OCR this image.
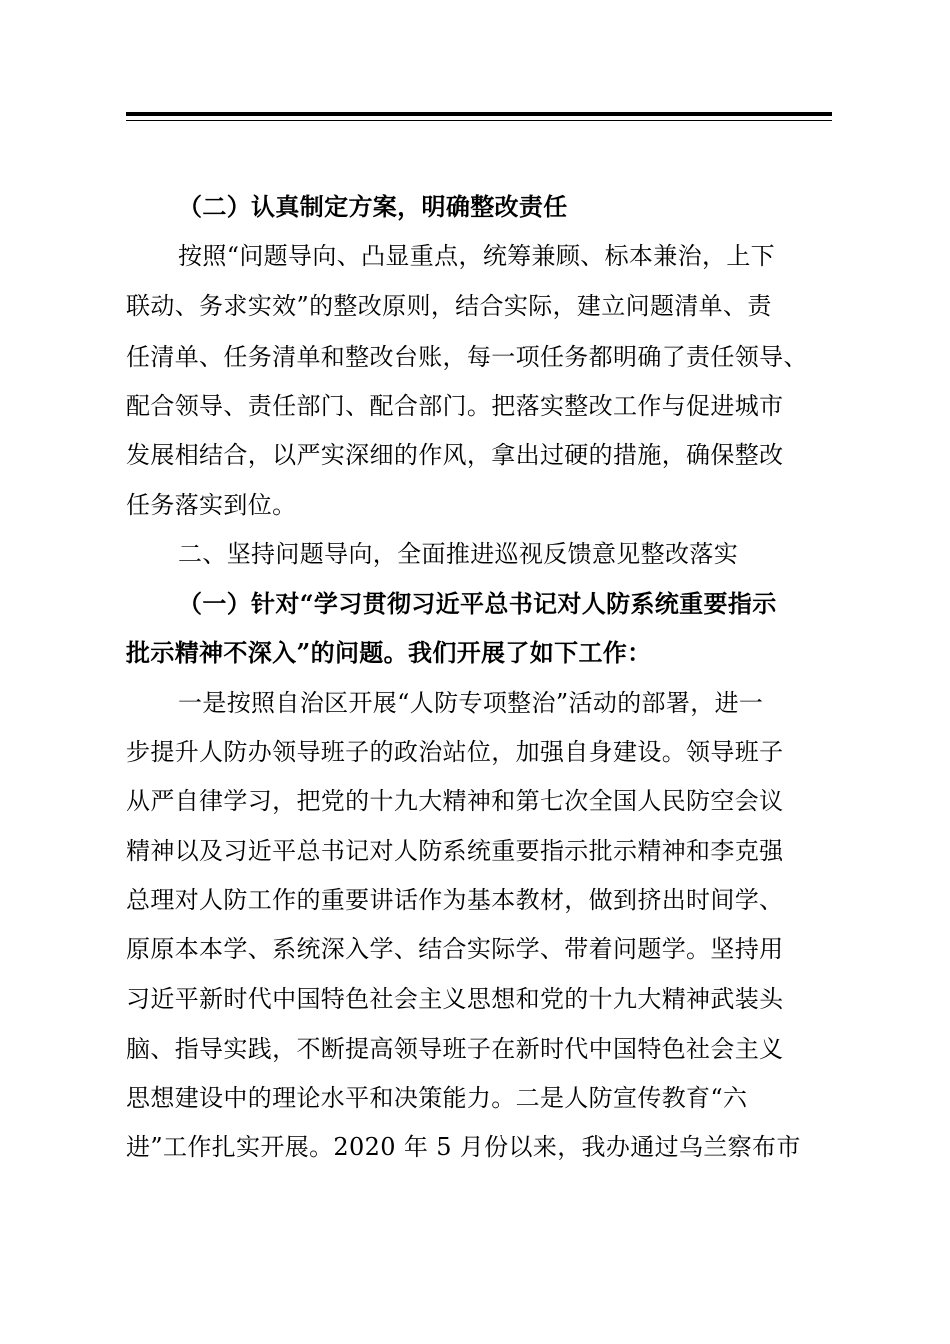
（二）认真制定方案，明确整改责任
按照“问题导向、凸显重点，统筹兼顾、标本兼治，上下
联动、务求实效”的整改原则，结合实际，建立问题清单、责
任清单、任务清单和整改台账，每一项任务都明确了责任领导、
配合领导、责任部门、配合部门。把落实整改工作与促进城市
发展相结合，以严实深细的作风，拿出过硬的措施，确保整改
任务落实到位。
二、坚持问题导向，全面推进巡视反馈意见整改落实
（一）针对“学习贯彻习近平总书记对人防系统重要指示
批示精神不深入”的问题。我们开展了如下工作：
一是按照自治区开展“人防专项整治”活动的部署，进一
步提升人防办领导班子的政治站位，加强自身建设。领导班子
从严自律学习，把党的十九大精神和第七次全国人民防空会议
精神以及习近平总书记对人防系统重要指示批示精神和李克强
总理对人防工作的重要讲话作为基本教材，做到挤出时间学、
原原本本学、系统深入学、结合实际学、带着问题学。坚持用
习近平新时代中国特色社会主义思想和党的十九大精神武装头
脑、指导实践，不断提高领导班子在新时代中国特色社会主义
思想建设中的理论水平和决策能力。二是人防宣传教育“六
进”工作扎实开展。2020 年 5 月份以来，我办通过乌兰察布市
